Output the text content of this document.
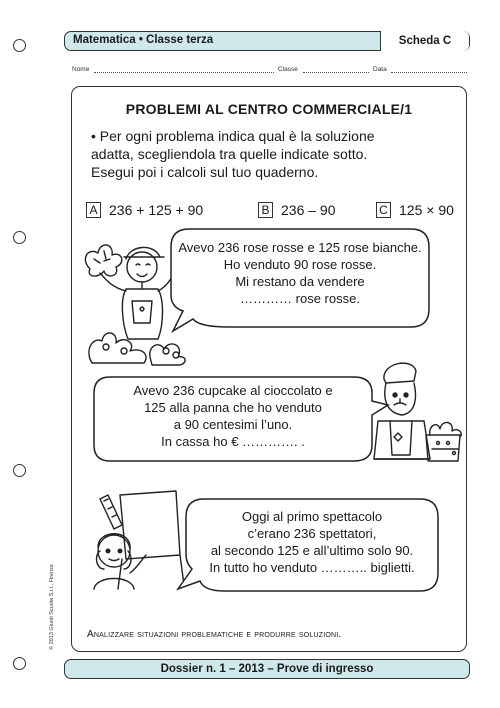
Matematica • Classe terza	Scheda C
Nome	Classe	Data
PROBLEMI AL CENTRO COMMERCIALE/1
• Per ogni problema indica qual è la soluzione
adatta, scegliendola tra quelle indicate sotto.
Esegui poi i calcoli sul tuo quaderno.
A 236 + 125 + 90	B 236 – 90	C 125 × 90
Avevo 236 rose rosse e 125 rose bianche.
Ho venduto 90 rose rosse.
Mi restano da vendere
………… rose rosse.
Avevo 236 cupcake al cioccolato e
125 alla panna che ho venduto
a 90 centesimi l’uno.
In cassa ho € …………. .
Oggi al primo spettacolo
c’erano 236 spettatori,
al secondo 125 e all’ultimo solo 90.
In tutto ho venduto ……….. biglietti.
Analizzare situazioni problematiche e produrre soluzioni.
© 2013 Giunti Scuola S.r.l., Firenze
Dossier n. 1 – 2013 – Prove di ingresso
